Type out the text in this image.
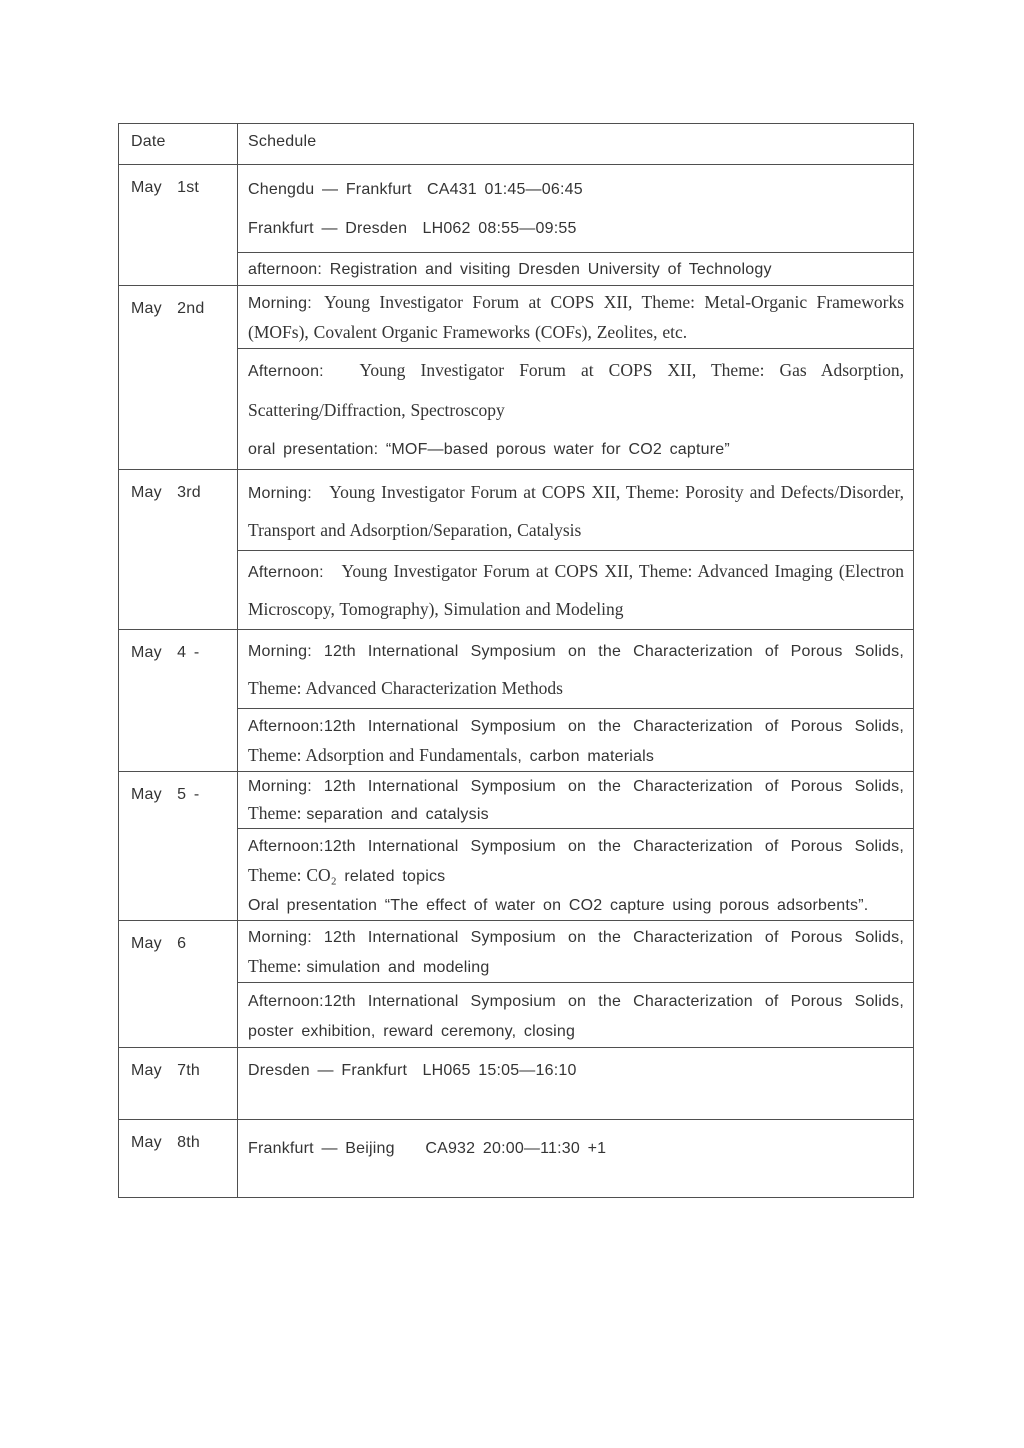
Date	Schedule

May  1st	Chengdu — Frankfurt  CA431 01:45—06:45

Frankfurt — Dresden  LH062 08:55—09:55

afternoon: Registration and visiting Dresden University of Technology

May  2nd	Morning: Young Investigator Forum at COPS XII, Theme: Metal-Organic Frameworks (MOFs), Covalent Organic Frameworks (COFs), Zeolites, etc.

Afternoon:  Young Investigator Forum at COPS XII, Theme: Gas Adsorption, Scattering/Diffraction, Spectroscopy

oral presentation: “MOF—based porous water for CO2 capture”

May  3rd	Morning:  Young Investigator Forum at COPS XII, Theme: Porosity and Defects/Disorder, Transport and Adsorption/Separation, Catalysis

Afternoon:  Young Investigator Forum at COPS XII, Theme: Advanced Imaging (Electron Microscopy, Tomography), Simulation and Modeling

May  4 -	Morning: 12th International Symposium on the Characterization of Porous Solids, Theme: Advanced Characterization Methods

Afternoon:12th International Symposium on the Characterization of Porous Solids, Theme: Adsorption and Fundamentals, carbon materials

May  5 -	Morning: 12th International Symposium on the Characterization of Porous Solids, Theme: separation and catalysis

Afternoon:12th International Symposium on the Characterization of Porous Solids, Theme: CO₂ related topics

Oral presentation “The effect of water on CO2 capture using porous adsorbents”.

May  6	Morning: 12th International Symposium on the Characterization of Porous Solids, Theme: simulation and modeling

Afternoon:12th International Symposium on the Characterization of Porous Solids, poster exhibition, reward ceremony, closing

May  7th	Dresden — Frankfurt  LH065 15:05—16:10

May  8th	Frankfurt — Beijing    CA932 20:00—11:30 +1
